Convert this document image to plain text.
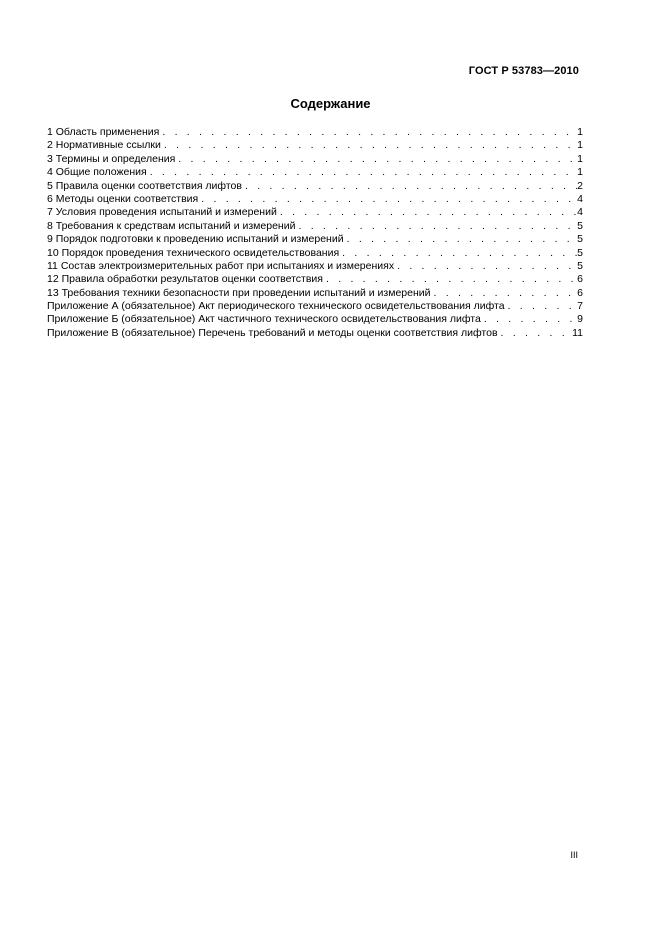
ГОСТ Р 53783—2010
Содержание
1 Область применения . . .	1
2 Нормативные ссылки . . .	1
3 Термины и определения . . .	1
4 Общие положения . . .	1
5 Правила оценки соответствия лифтов . . .	2
6 Методы оценки соответствия . . .	4
7 Условия проведения испытаний и измерений . . .	4
8 Требования к средствам испытаний и измерений . . .	5
9 Порядок подготовки к проведению испытаний и измерений . . .	5
10 Порядок проведения технического освидетельствования . . .	5
11 Состав электроизмерительных работ при испытаниях и измерениях . . .	5
12 Правила обработки результатов оценки соответствия . . .	6
13 Требования техники безопасности при проведении испытаний и измерений . . .	6
Приложение А (обязательное) Акт периодического технического освидетельствования лифта . . .	7
Приложение Б (обязательное) Акт частичного технического освидетельствования лифта . . .	9
Приложение В (обязательное) Перечень требований и методы оценки соответствия лифтов . . .	11
III
